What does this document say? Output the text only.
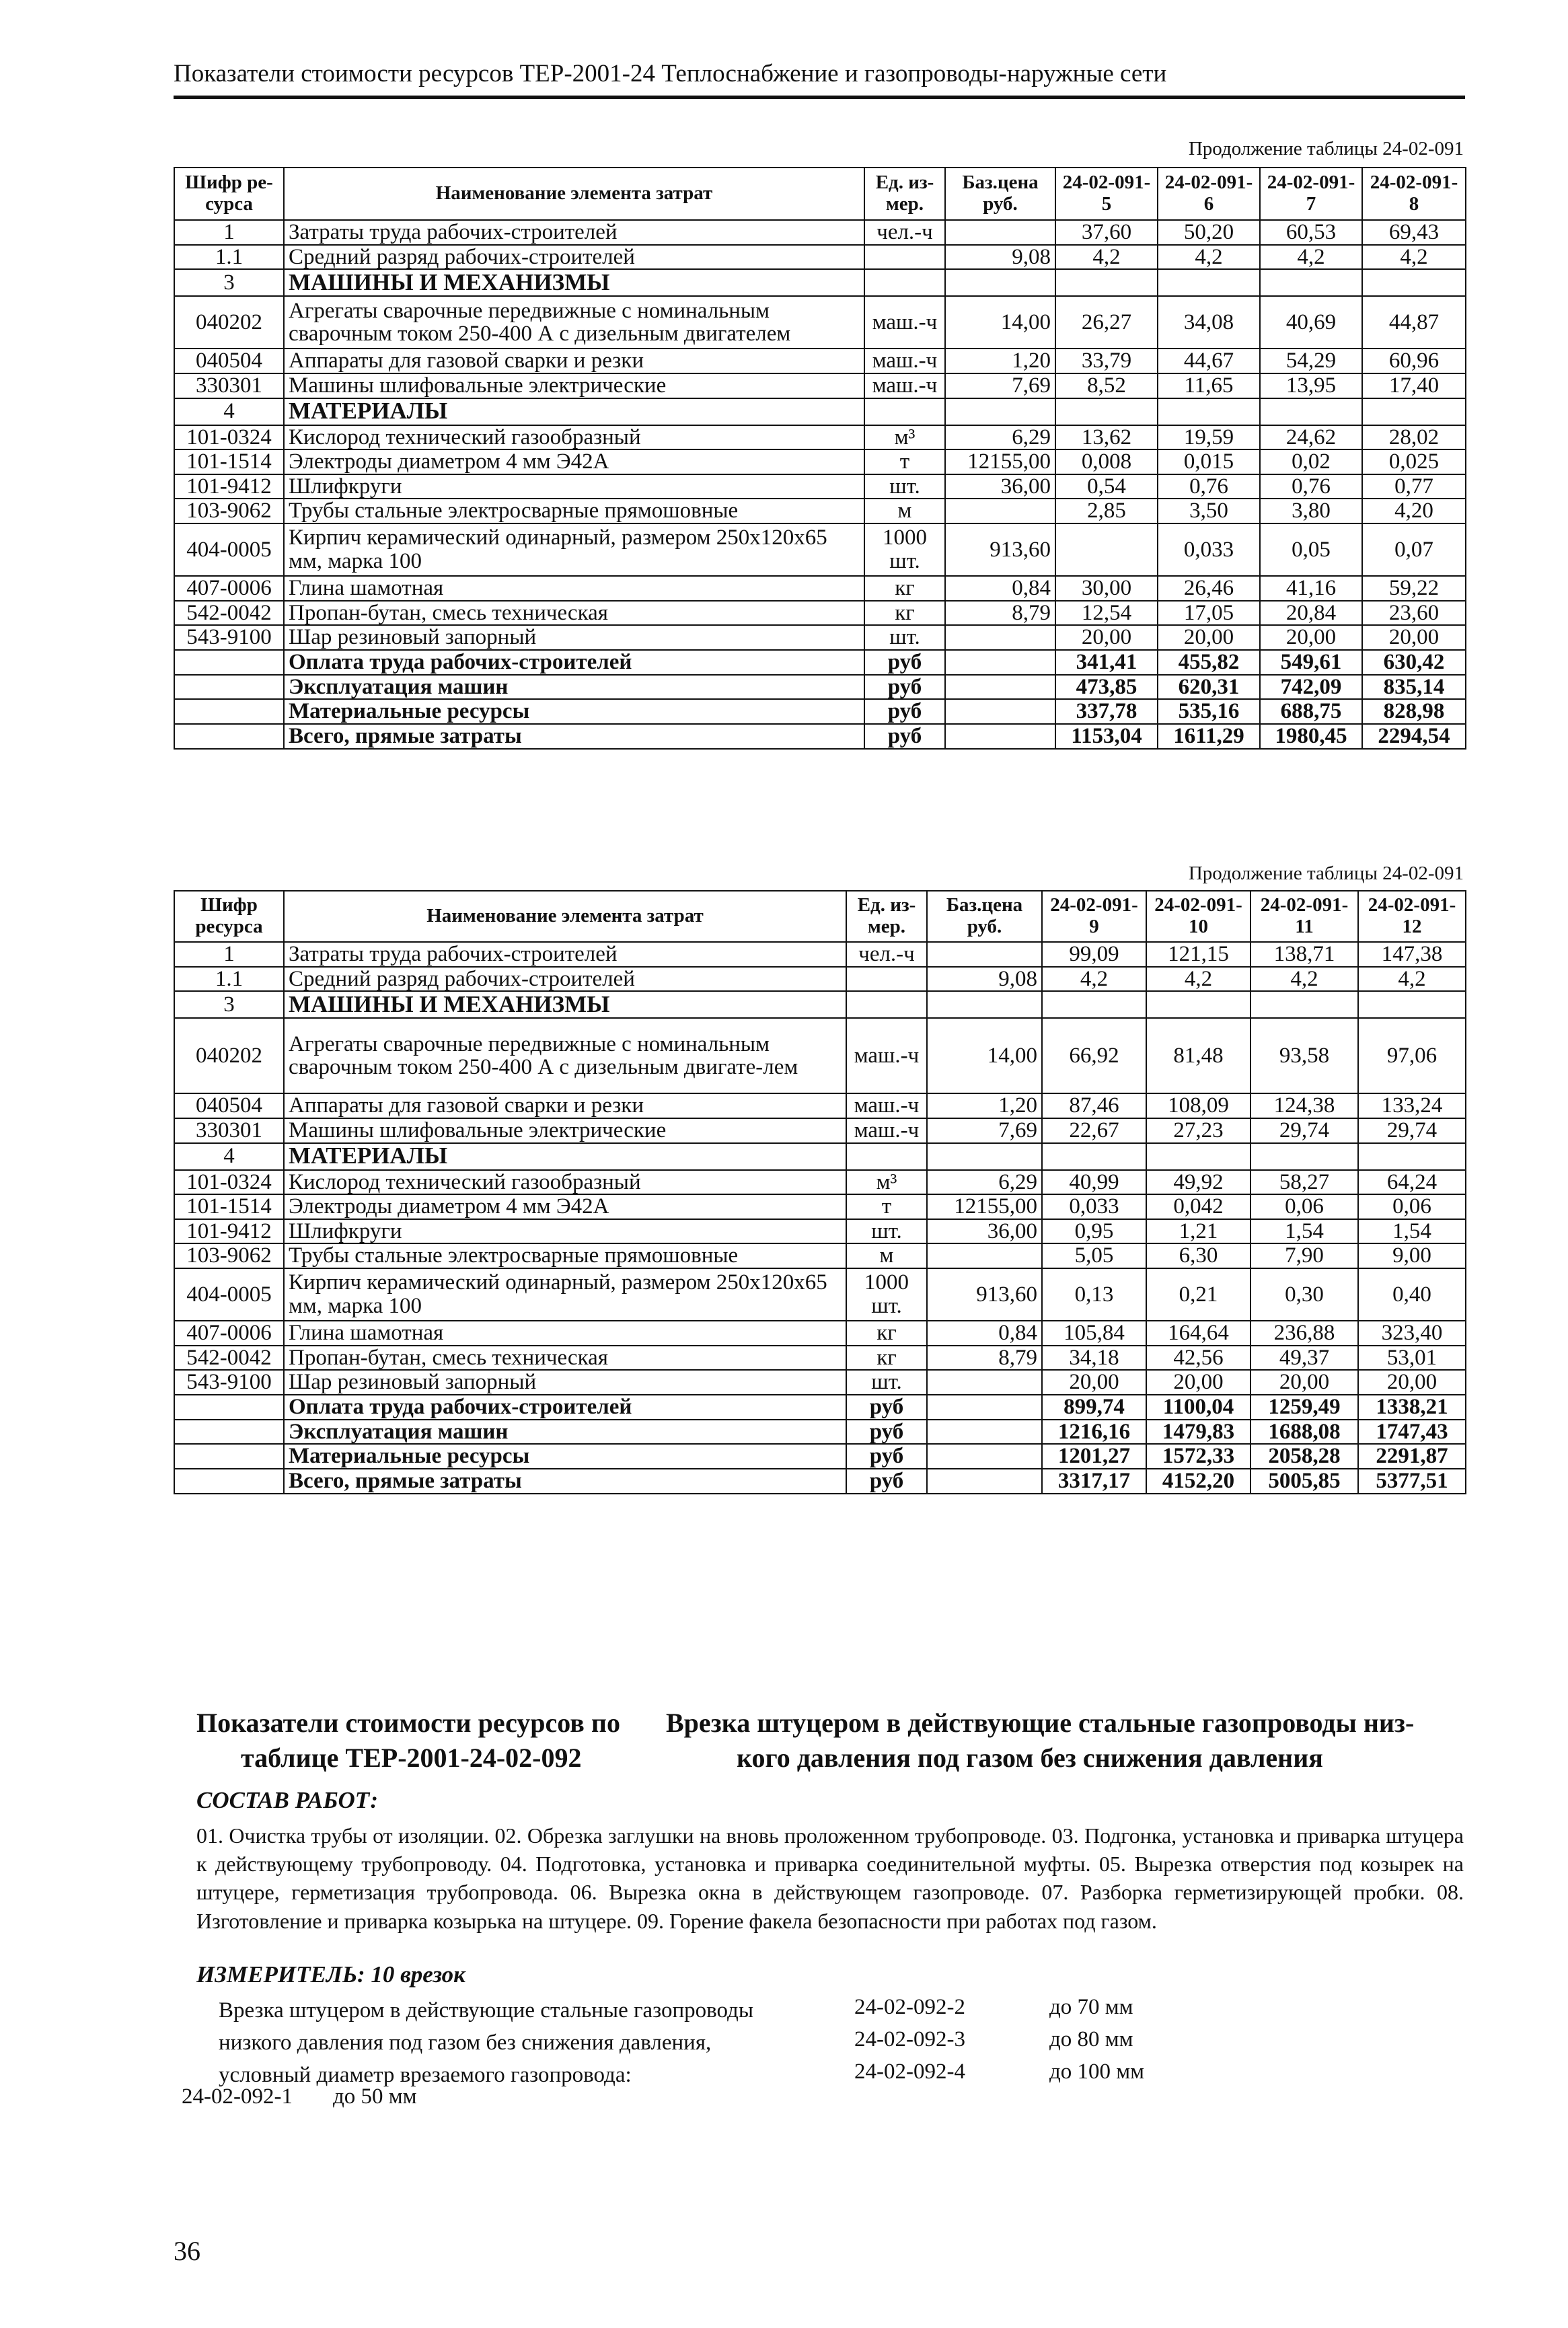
Показатели стоимости ресурсов ТЕР-2001-24 Теплоснабжение и газопроводы-наружные сети
Продолжение таблицы 24-02-091
Шифр ре-сурса	Наименование элемента затрат	Ед. из-мер.	Баз.цена руб.	24-02-091-5	24-02-091-6	24-02-091-7	24-02-091-8
1	Затраты труда рабочих-строителей	чел.-ч		37,60	50,20	60,53	69,43
1.1	Средний разряд рабочих-строителей		9,08	4,2	4,2	4,2	4,2
3	МАШИНЫ И МЕХАНИЗМЫ						
040202	Агрегаты сварочные передвижные с номинальным сварочным током 250-400 А с дизельным двигателем	маш.-ч	14,00	26,27	34,08	40,69	44,87
040504	Аппараты для газовой сварки и резки	маш.-ч	1,20	33,79	44,67	54,29	60,96
330301	Машины шлифовальные электрические	маш.-ч	7,69	8,52	11,65	13,95	17,40
4	МАТЕРИАЛЫ						
101-0324	Кислород технический газообразный	м³	6,29	13,62	19,59	24,62	28,02
101-1514	Электроды диаметром 4 мм Э42А	т	12155,00	0,008	0,015	0,02	0,025
101-9412	Шлифкруги	шт.	36,00	0,54	0,76	0,76	0,77
103-9062	Трубы стальные электросварные прямошовные	м		2,85	3,50	3,80	4,20
404-0005	Кирпич керамический одинарный, размером 250х120х65 мм, марка 100	1000 шт.	913,60		0,033	0,05	0,07
407-0006	Глина шамотная	кг	0,84	30,00	26,46	41,16	59,22
542-0042	Пропан-бутан, смесь техническая	кг	8,79	12,54	17,05	20,84	23,60
543-9100	Шар резиновый запорный	шт.		20,00	20,00	20,00	20,00
	Оплата труда рабочих-строителей	руб		341,41	455,82	549,61	630,42
	Эксплуатация машин	руб		473,85	620,31	742,09	835,14
	Материальные ресурсы	руб		337,78	535,16	688,75	828,98
	Всего, прямые затраты	руб		1153,04	1611,29	1980,45	2294,54
Продолжение таблицы 24-02-091
Шифр ресурса	Наименование элемента затрат	Ед. из-мер.	Баз.цена руб.	24-02-091-9	24-02-091-10	24-02-091-11	24-02-091-12
1	Затраты труда рабочих-строителей	чел.-ч		99,09	121,15	138,71	147,38
1.1	Средний разряд рабочих-строителей		9,08	4,2	4,2	4,2	4,2
3	МАШИНЫ И МЕХАНИЗМЫ						
040202	Агрегаты сварочные передвижные с номинальным сварочным током 250-400 А с дизельным двигате-лем	маш.-ч	14,00	66,92	81,48	93,58	97,06
040504	Аппараты для газовой сварки и резки	маш.-ч	1,20	87,46	108,09	124,38	133,24
330301	Машины шлифовальные электрические	маш.-ч	7,69	22,67	27,23	29,74	29,74
4	МАТЕРИАЛЫ						
101-0324	Кислород технический газообразный	м³	6,29	40,99	49,92	58,27	64,24
101-1514	Электроды диаметром 4 мм Э42А	т	12155,00	0,033	0,042	0,06	0,06
101-9412	Шлифкруги	шт.	36,00	0,95	1,21	1,54	1,54
103-9062	Трубы стальные электросварные прямошовные	м		5,05	6,30	7,90	9,00
404-0005	Кирпич керамический одинарный, размером 250х120х65 мм, марка 100	1000 шт.	913,60	0,13	0,21	0,30	0,40
407-0006	Глина шамотная	кг	0,84	105,84	164,64	236,88	323,40
542-0042	Пропан-бутан, смесь техническая	кг	8,79	34,18	42,56	49,37	53,01
543-9100	Шар резиновый запорный	шт.		20,00	20,00	20,00	20,00
	Оплата труда рабочих-строителей	руб		899,74	1100,04	1259,49	1338,21
	Эксплуатация машин	руб		1216,16	1479,83	1688,08	1747,43
	Материальные ресурсы	руб		1201,27	1572,33	2058,28	2291,87
	Всего, прямые затраты	руб		3317,17	4152,20	5005,85	5377,51
Показатели стоимости ресурсов по
таблице ТЕР-2001-24-02-092
Врезка штуцером в действующие стальные газопроводы низ-
кого давления под газом без снижения давления
СОСТАВ РАБОТ:
01. Очистка трубы от изоляции. 02. Обрезка заглушки на вновь проложенном трубопроводе. 03. Подгонка, установка и приварка штуцера к действующему трубопроводу. 04. Подготовка, установка и приварка соединительной муфты. 05. Вырезка отверстия под козырек на штуцере, герметизация трубопровода. 06. Вырезка окна в действующем газопроводе. 07. Разборка герметизирующей пробки. 08. Изготовление и приварка козырька на штуцере. 09. Горение факела безопасности при работах под газом.
ИЗМЕРИТЕЛЬ: 10 врезок
Врезка штуцером в действующие стальные газопроводы низкого давления под газом без снижения давления, условный диаметр врезаемого газопровода:
24-02-092-1 до 50 мм
24-02-092-2	до 70 мм
24-02-092-3	до 80 мм
24-02-092-4	до 100 мм
36
